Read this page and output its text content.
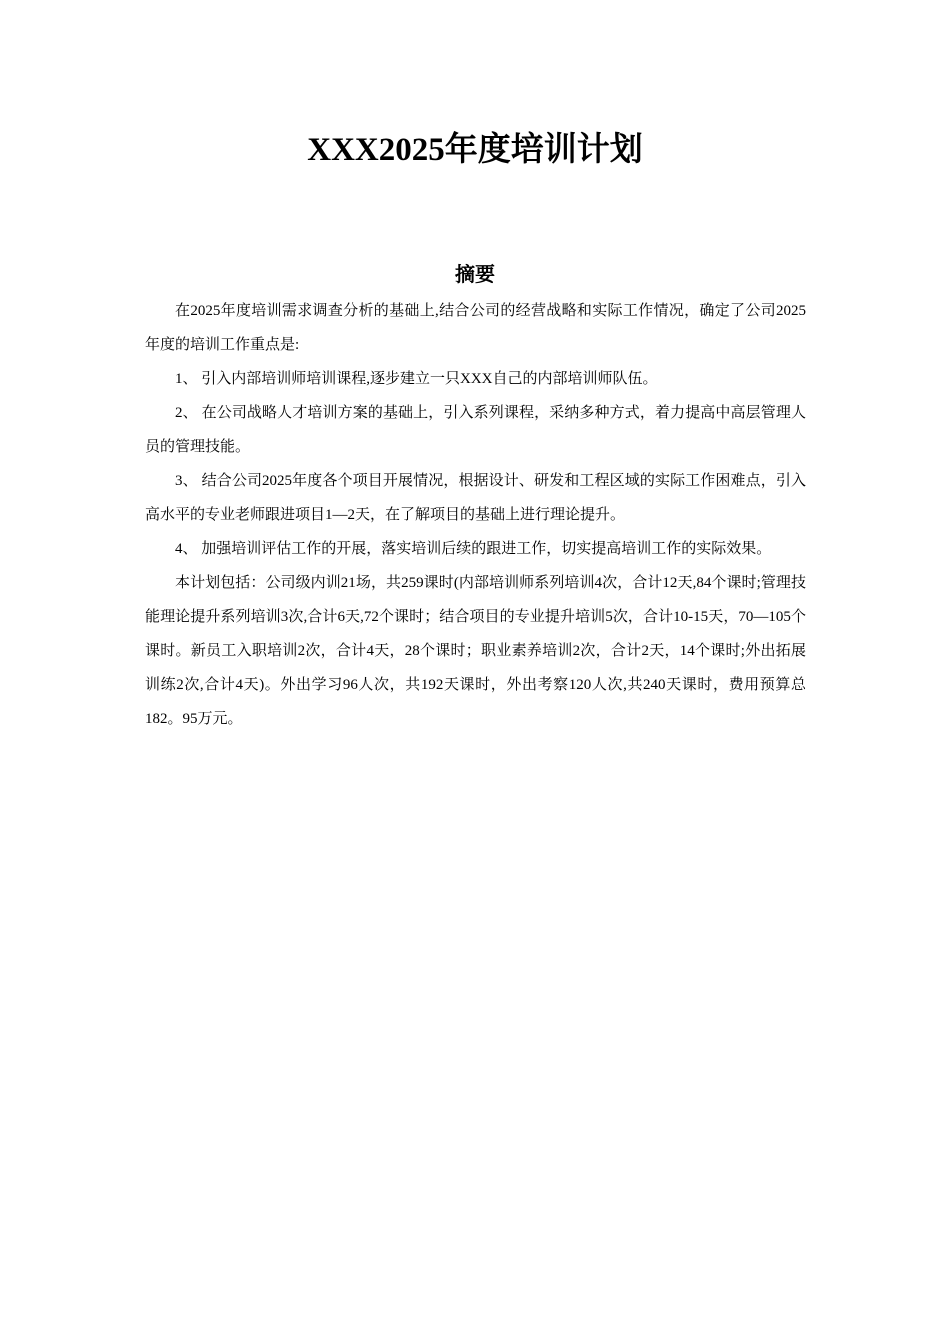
XXX2025年度培训计划
摘要

在2025年度培训需求调查分析的基础上,结合公司的经营战略和实际工作情况，确定了公司2025年度的培训工作重点是:

1、 引入内部培训师培训课程,逐步建立一只XXX自己的内部培训师队伍。

2、 在公司战略人才培训方案的基础上，引入系列课程，采纳多种方式，着力提高中高层管理人员的管理技能。

3、 结合公司2025年度各个项目开展情况，根据设计、研发和工程区域的实际工作困难点，引入高水平的专业老师跟进项目1—2天，在了解项目的基础上进行理论提升。

4、 加强培训评估工作的开展，落实培训后续的跟进工作，切实提高培训工作的实际效果。

本计划包括：公司级内训21场，共259课时(内部培训师系列培训4次，合计12天,84个课时;管理技能理论提升系列培训3次,合计6天,72个课时；结合项目的专业提升培训5次，合计10-15天，70—105个课时。新员工入职培训2次，合计4天，28个课时；职业素养培训2次，合计2天，14个课时;外出拓展训练2次,合计4天)。外出学习96人次，共192天课时，外出考察120人次,共240天课时，费用预算总182。95万元。
